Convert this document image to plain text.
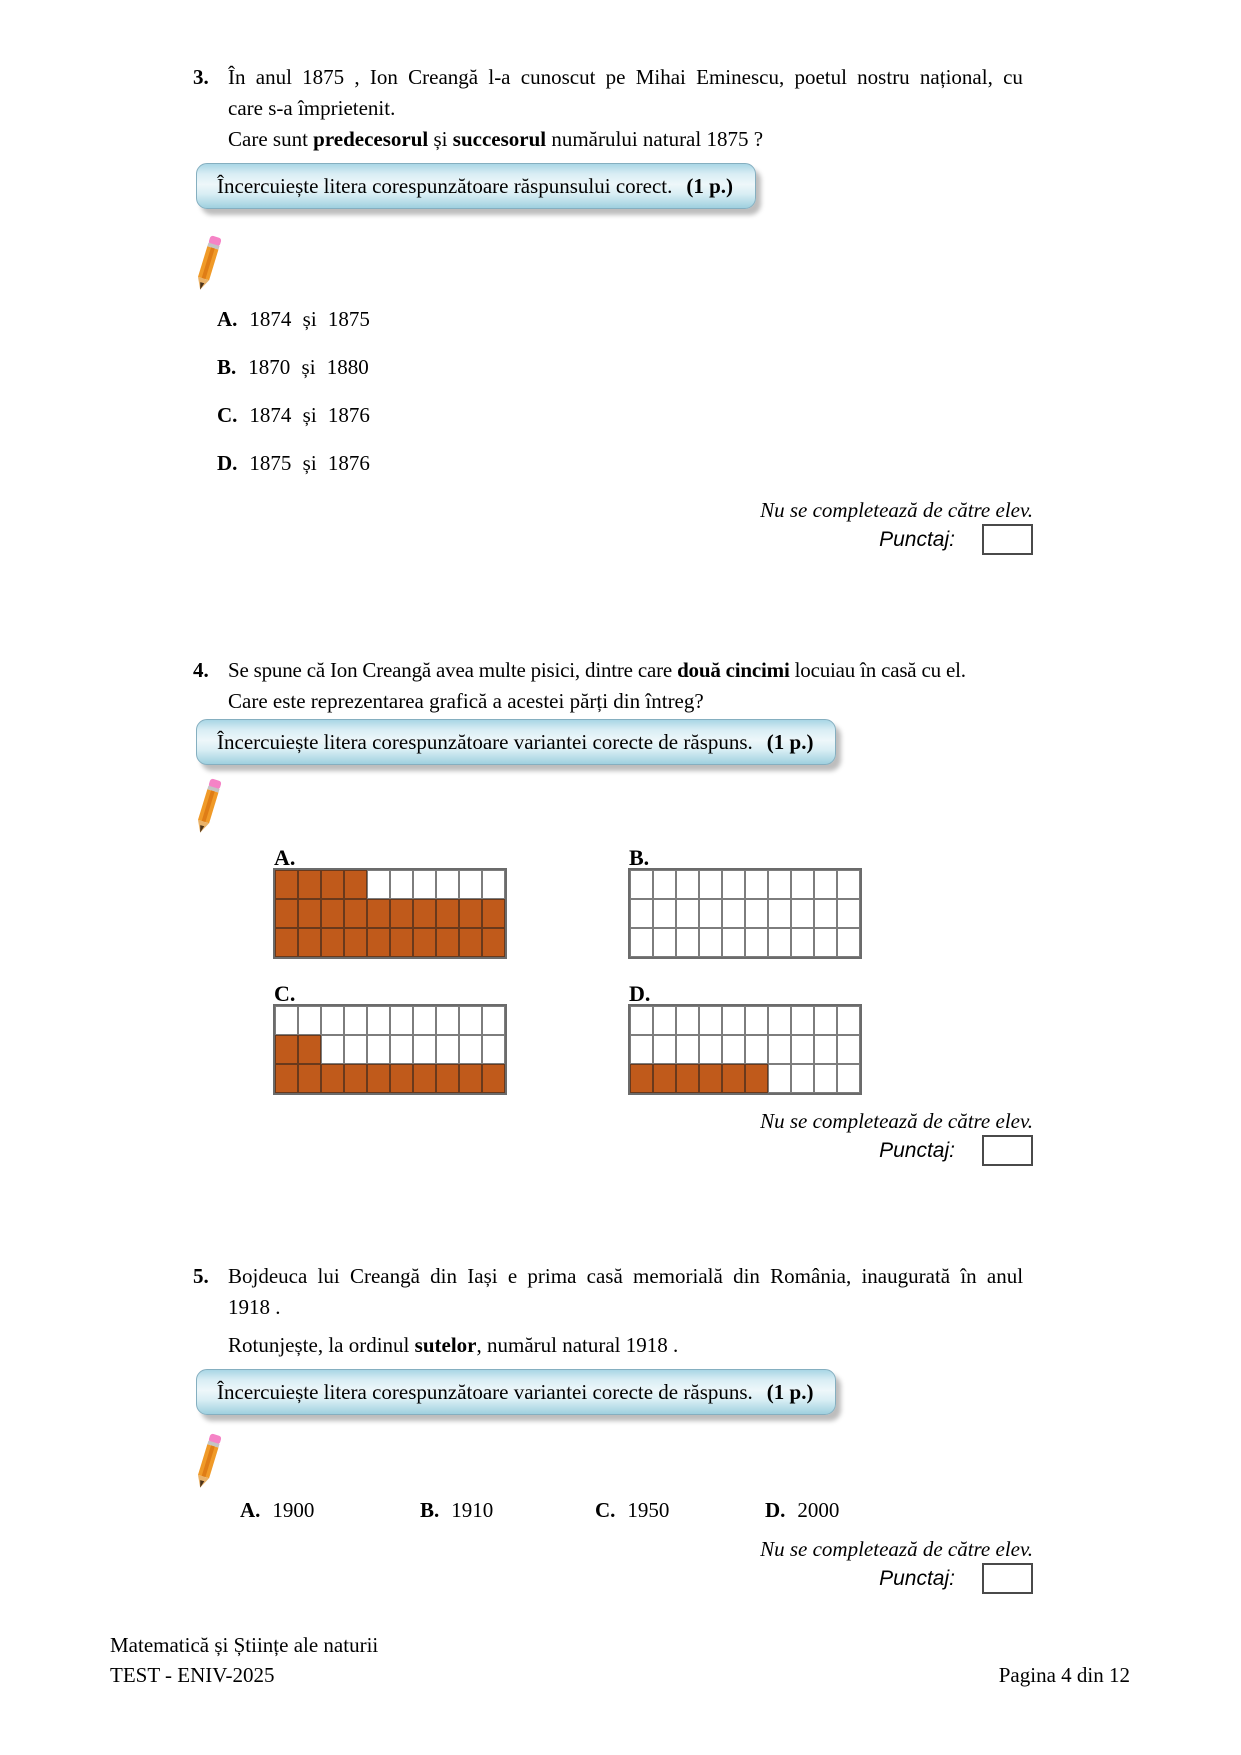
3. În anul 1875 , Ion Creangă l-a cunoscut pe Mihai Eminescu, poetul nostru național, cu
care s-a împrietenit.
Care sunt predecesorul și succesorul numărului natural 1875 ?
Încercuiește litera corespunzătoare răspunsului corect. (1 p.)
A. 1874 și 1875
B. 1870 și 1880
C. 1874 și 1876
D. 1875 și 1876
Nu se completează de către elev.
Punctaj:
4. Se spune că Ion Creangă avea multe pisici, dintre care două cincimi locuiau în casă cu el.
Care este reprezentarea grafică a acestei părți din întreg?
Încercuiește litera corespunzătoare variantei corecte de răspuns. (1 p.)
A.	B.
C.	D.
Nu se completează de către elev.
Punctaj:
5. Bojdeuca lui Creangă din Iași e prima casă memorială din România, inaugurată în anul
1918 .
Rotunjește, la ordinul sutelor, numărul natural 1918 .
Încercuiește litera corespunzătoare variantei corecte de răspuns. (1 p.)
A. 1900	B. 1910	C. 1950	D. 2000
Nu se completează de către elev.
Punctaj:
Matematică și Științe ale naturii
TEST - ENIV-2025	Pagina 4 din 12
